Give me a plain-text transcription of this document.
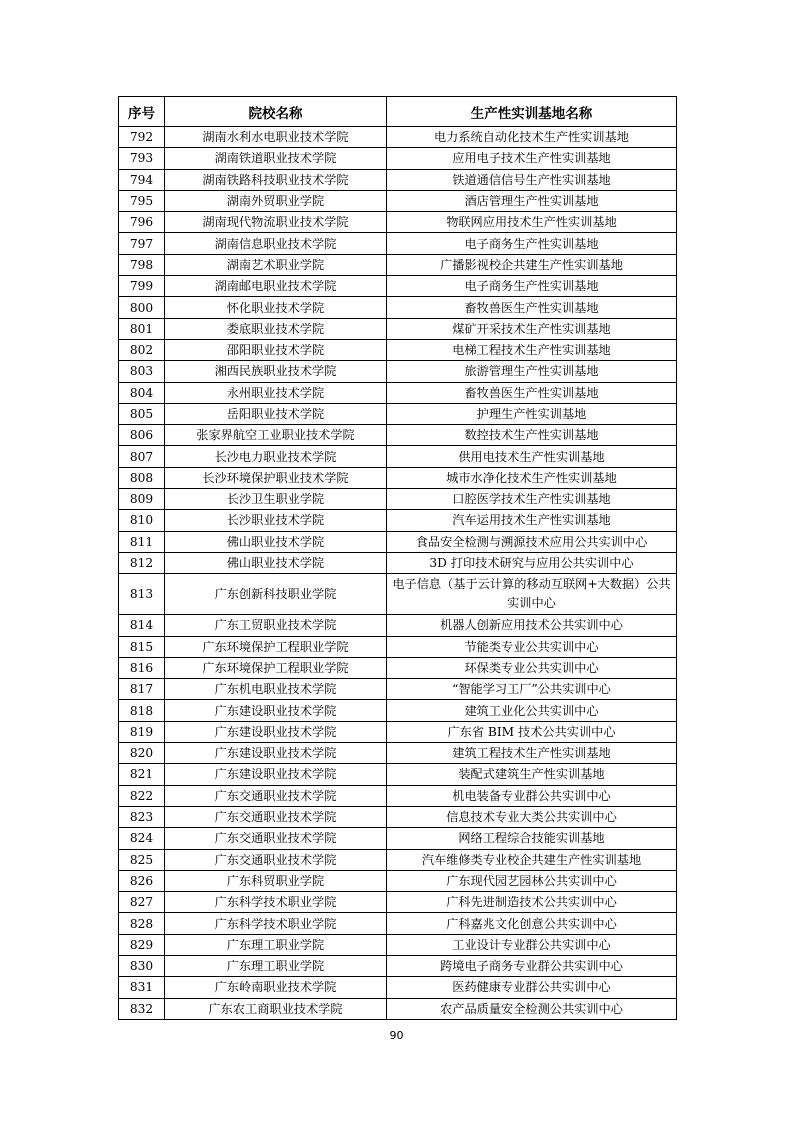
序号	院校名称	生产性实训基地名称
792	湖南水利水电职业技术学院	电力系统自动化技术生产性实训基地
793	湖南铁道职业技术学院	应用电子技术生产性实训基地
794	湖南铁路科技职业技术学院	铁道通信信号生产性实训基地
795	湖南外贸职业学院	酒店管理生产性实训基地
796	湖南现代物流职业技术学院	物联网应用技术生产性实训基地
797	湖南信息职业技术学院	电子商务生产性实训基地
798	湖南艺术职业学院	广播影视校企共建生产性实训基地
799	湖南邮电职业技术学院	电子商务生产性实训基地
800	怀化职业技术学院	畜牧兽医生产性实训基地
801	娄底职业技术学院	煤矿开采技术生产性实训基地
802	邵阳职业技术学院	电梯工程技术生产性实训基地
803	湘西民族职业技术学院	旅游管理生产性实训基地
804	永州职业技术学院	畜牧兽医生产性实训基地
805	岳阳职业技术学院	护理生产性实训基地
806	张家界航空工业职业技术学院	数控技术生产性实训基地
807	长沙电力职业技术学院	供用电技术生产性实训基地
808	长沙环境保护职业技术学院	城市水净化技术生产性实训基地
809	长沙卫生职业学院	口腔医学技术生产性实训基地
810	长沙职业技术学院	汽车运用技术生产性实训基地
811	佛山职业技术学院	食品安全检测与溯源技术应用公共实训中心
812	佛山职业技术学院	3D 打印技术研究与应用公共实训中心
813	广东创新科技职业学院	电子信息（基于云计算的移动互联网+大数据）公共实训中心

814	广东工贸职业技术学院	机器人创新应用技术公共实训中心
815	广东环境保护工程职业学院	节能类专业公共实训中心
816	广东环境保护工程职业学院	环保类专业公共实训中心
817	广东机电职业技术学院	“智能学习工厂”公共实训中心
818	广东建设职业技术学院	建筑工业化公共实训中心
819	广东建设职业技术学院	广东省 BIM 技术公共实训中心
820	广东建设职业技术学院	建筑工程技术生产性实训基地
821	广东建设职业技术学院	装配式建筑生产性实训基地
822	广东交通职业技术学院	机电装备专业群公共实训中心
823	广东交通职业技术学院	信息技术专业大类公共实训中心
824	广东交通职业技术学院	网络工程综合技能实训基地
825	广东交通职业技术学院	汽车维修类专业校企共建生产性实训基地
826	广东科贸职业学院	广东现代园艺园林公共实训中心
827	广东科学技术职业学院	广科先进制造技术公共实训中心
828	广东科学技术职业学院	广科嘉兆文化创意公共实训中心
829	广东理工职业学院	工业设计专业群公共实训中心
830	广东理工职业学院	跨境电子商务专业群公共实训中心
831	广东岭南职业技术学院	医药健康专业群公共实训中心
832	广东农工商职业技术学院	农产品质量安全检测公共实训中心
90
